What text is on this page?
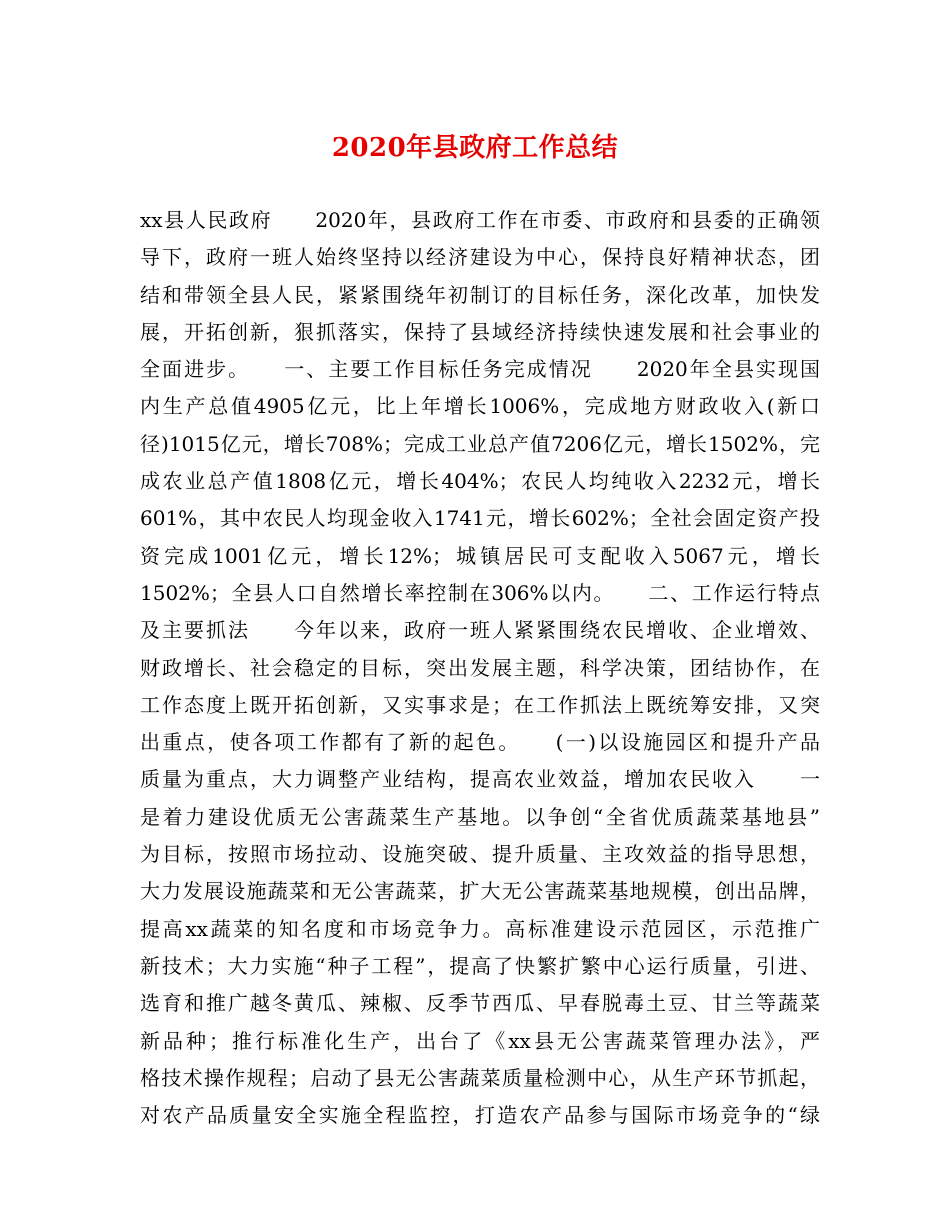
2020年县政府工作总结
xx县人民政府　　2020年，县政府工作在市委、市政府和县委的正确领
导下，政府一班人始终坚持以经济建设为中心，保持良好精神状态，团
结和带领全县人民，紧紧围绕年初制订的目标任务，深化改革，加快发
展，开拓创新，狠抓落实，保持了县域经济持续快速发展和社会事业的
全面进步。　　一、主要工作目标任务完成情况　　2020年全县实现国
内生产总值4905亿元，比上年增长1006%，完成地方财政收入(新口
径)1015亿元，增长708%；完成工业总产值7206亿元，增长1502%，完
成农业总产值1808亿元，增长404%；农民人均纯收入2232元，增长
601%，其中农民人均现金收入1741元，增长602%；全社会固定资产投
资完成1001亿元，增长12%；城镇居民可支配收入5067元，增长
1502%；全县人口自然增长率控制在306%以内。　　二、工作运行特点
及主要抓法　　今年以来，政府一班人紧紧围绕农民增收、企业增效、
财政增长、社会稳定的目标，突出发展主题，科学决策，团结协作，在
工作态度上既开拓创新，又实事求是；在工作抓法上既统筹安排，又突
出重点，使各项工作都有了新的起色。　　(一)以设施园区和提升产品
质量为重点，大力调整产业结构，提高农业效益，增加农民收入　　一
是着力建设优质无公害蔬菜生产基地。以争创“全省优质蔬菜基地县”
为目标，按照市场拉动、设施突破、提升质量、主攻效益的指导思想，
大力发展设施蔬菜和无公害蔬菜，扩大无公害蔬菜基地规模，创出品牌，
提高xx蔬菜的知名度和市场竞争力。高标准建设示范园区，示范推广
新技术；大力实施“种子工程”，提高了快繁扩繁中心运行质量，引进、
选育和推广越冬黄瓜、辣椒、反季节西瓜、早春脱毒土豆、甘兰等蔬菜
新品种；推行标准化生产，出台了《xx县无公害蔬菜管理办法》，严
格技术操作规程；启动了县无公害蔬菜质量检测中心，从生产环节抓起，
对农产品质量安全实施全程监控，打造农产品参与国际市场竞争的“绿
